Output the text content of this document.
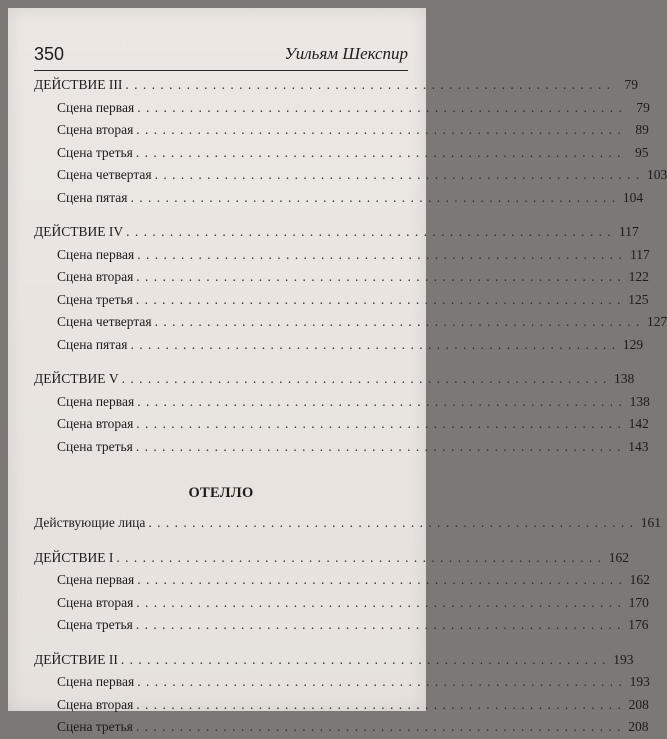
350	Уильям Шекспир
ДЕЙСТВИЕ III . . . . . . . . . . . . . . . . . . . . . . . . . . . . . . . . . . . . . . . . . . . . . . . . . . . . . . . .	79
Сцена первая . . . . . . . . . . . . . . . . . . . . . . . . . . . . . . . . . . . . . . . . . . . . . . . . . . . . . . . .	79
Сцена вторая . . . . . . . . . . . . . . . . . . . . . . . . . . . . . . . . . . . . . . . . . . . . . . . . . . . . . . . .	89
Сцена третья . . . . . . . . . . . . . . . . . . . . . . . . . . . . . . . . . . . . . . . . . . . . . . . . . . . . . . . .	95
Сцена четвертая . . . . . . . . . . . . . . . . . . . . . . . . . . . . . . . . . . . . . . . . . . . . . . . . . . . . . . . . 103
Сцена пятая . . . . . . . . . . . . . . . . . . . . . . . . . . . . . . . . . . . . . . . . . . . . . . . . . . . . . . . . 104
ДЕЙСТВИЕ IV . . . . . . . . . . . . . . . . . . . . . . . . . . . . . . . . . . . . . . . . . . . . . . . . . . . . . . . . 117
Сцена первая . . . . . . . . . . . . . . . . . . . . . . . . . . . . . . . . . . . . . . . . . . . . . . . . . . . . . . . . 117
Сцена вторая . . . . . . . . . . . . . . . . . . . . . . . . . . . . . . . . . . . . . . . . . . . . . . . . . . . . . . . . 122
Сцена третья . . . . . . . . . . . . . . . . . . . . . . . . . . . . . . . . . . . . . . . . . . . . . . . . . . . . . . . . 125
Сцена четвертая . . . . . . . . . . . . . . . . . . . . . . . . . . . . . . . . . . . . . . . . . . . . . . . . . . . . . . . . 127
Сцена пятая . . . . . . . . . . . . . . . . . . . . . . . . . . . . . . . . . . . . . . . . . . . . . . . . . . . . . . . . 129
ДЕЙСТВИЕ V . . . . . . . . . . . . . . . . . . . . . . . . . . . . . . . . . . . . . . . . . . . . . . . . . . . . . . . . 138
Сцена первая . . . . . . . . . . . . . . . . . . . . . . . . . . . . . . . . . . . . . . . . . . . . . . . . . . . . . . . . 138
Сцена вторая . . . . . . . . . . . . . . . . . . . . . . . . . . . . . . . . . . . . . . . . . . . . . . . . . . . . . . . . 142
Сцена третья . . . . . . . . . . . . . . . . . . . . . . . . . . . . . . . . . . . . . . . . . . . . . . . . . . . . . . . . 143
ОТЕЛЛО
Действующие лица . . . . . . . . . . . . . . . . . . . . . . . . . . . . . . . . . . . . . . . . . . . . . . . . . . . . . . . . 161
ДЕЙСТВИЕ I . . . . . . . . . . . . . . . . . . . . . . . . . . . . . . . . . . . . . . . . . . . . . . . . . . . . . . . . 162
Сцена первая . . . . . . . . . . . . . . . . . . . . . . . . . . . . . . . . . . . . . . . . . . . . . . . . . . . . . . . . 162
Сцена вторая . . . . . . . . . . . . . . . . . . . . . . . . . . . . . . . . . . . . . . . . . . . . . . . . . . . . . . . . 170
Сцена третья . . . . . . . . . . . . . . . . . . . . . . . . . . . . . . . . . . . . . . . . . . . . . . . . . . . . . . . . 176
ДЕЙСТВИЕ II . . . . . . . . . . . . . . . . . . . . . . . . . . . . . . . . . . . . . . . . . . . . . . . . . . . . . . . . 193
Сцена первая . . . . . . . . . . . . . . . . . . . . . . . . . . . . . . . . . . . . . . . . . . . . . . . . . . . . . . . . 193
Сцена вторая . . . . . . . . . . . . . . . . . . . . . . . . . . . . . . . . . . . . . . . . . . . . . . . . . . . . . . . . 208
Сцена третья . . . . . . . . . . . . . . . . . . . . . . . . . . . . . . . . . . . . . . . . . . . . . . . . . . . . . . . . 208
